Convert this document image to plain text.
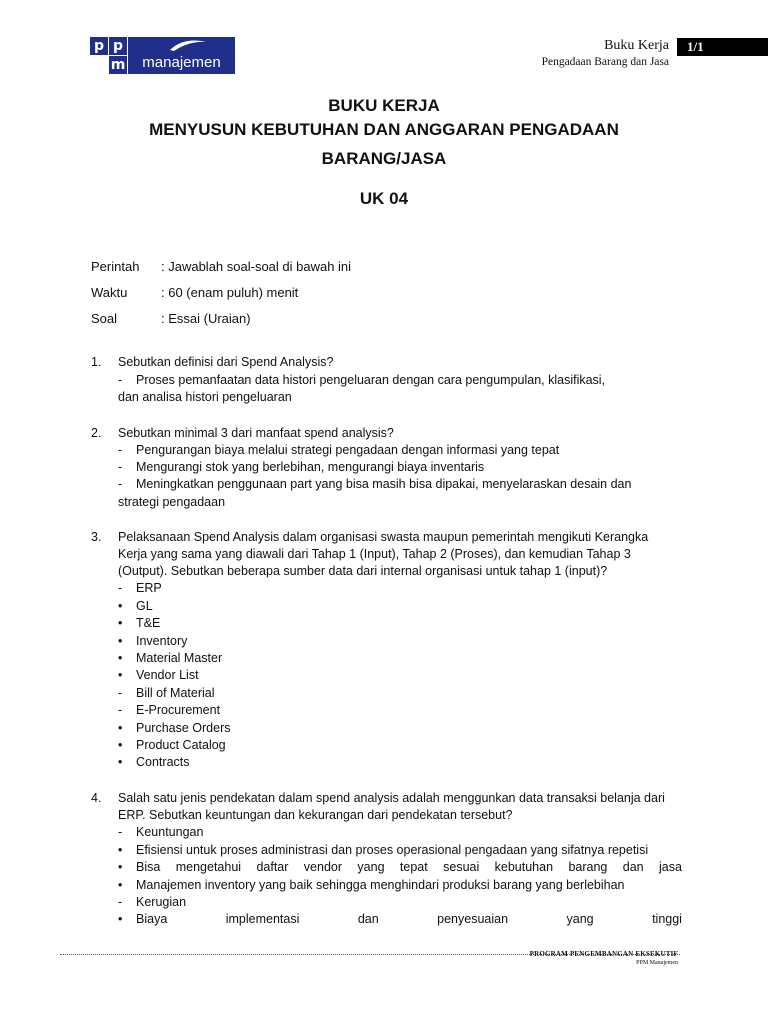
p p
m	manajemen
Buku Kerja	1/1
Pengadaan Barang dan Jasa
BUKU KERJA
MENYUSUN KEBUTUHAN DAN ANGGARAN PENGADAAN
BARANG/JASA
UK 04
Perintah : Jawablah soal-soal di bawah ini
Waktu	: 60 (enam puluh) menit
Soal	: Essai (Uraian)
1. Sebutkan definisi dari Spend Analysis?
- Proses pemanfaatan data histori pengeluaran dengan cara pengumpulan, klasifikasi,
dan analisa histori pengeluaran
2. Sebutkan minimal 3 dari manfaat spend analysis?
- Pengurangan biaya melalui strategi pengadaan dengan informasi yang tepat
- Mengurangi stok yang berlebihan, mengurangi biaya inventaris
- Meningkatkan penggunaan part yang bisa masih bisa dipakai, menyelaraskan desain dan
strategi pengadaan
3. Pelaksanaan Spend Analysis dalam organisasi swasta maupun pemerintah mengikuti Kerangka
Kerja yang sama yang diawali dari Tahap 1 (Input), Tahap 2 (Proses), dan kemudian Tahap 3
(Output). Sebutkan beberapa sumber data dari internal organisasi untuk tahap 1 (input)?
- ERP
• GL
• T&E
• Inventory
• Material Master
• Vendor List
- Bill of Material
- E-Procurement
• Purchase Orders
• Product Catalog
• Contracts
4. Salah satu jenis pendekatan dalam spend analysis adalah menggunkan data transaksi belanja dari
ERP. Sebutkan keuntungan dan kekurangan dari pendekatan tersebut?
- Keuntungan
• Efisiensi untuk proses administrasi dan proses operasional pengadaan yang sifatnya repetisi
• Bisa mengetahui daftar vendor yang tepat sesuai kebutuhan barang dan jasa
• Manajemen inventory yang baik sehingga menghindari produksi barang yang berlebihan
- Kerugian
• Biaya	implementasi	dan	penyesuaian	yang	tinggi
PROGRAM PENGEMBANGAN EKSEKUTIF
PPM Manajemen
